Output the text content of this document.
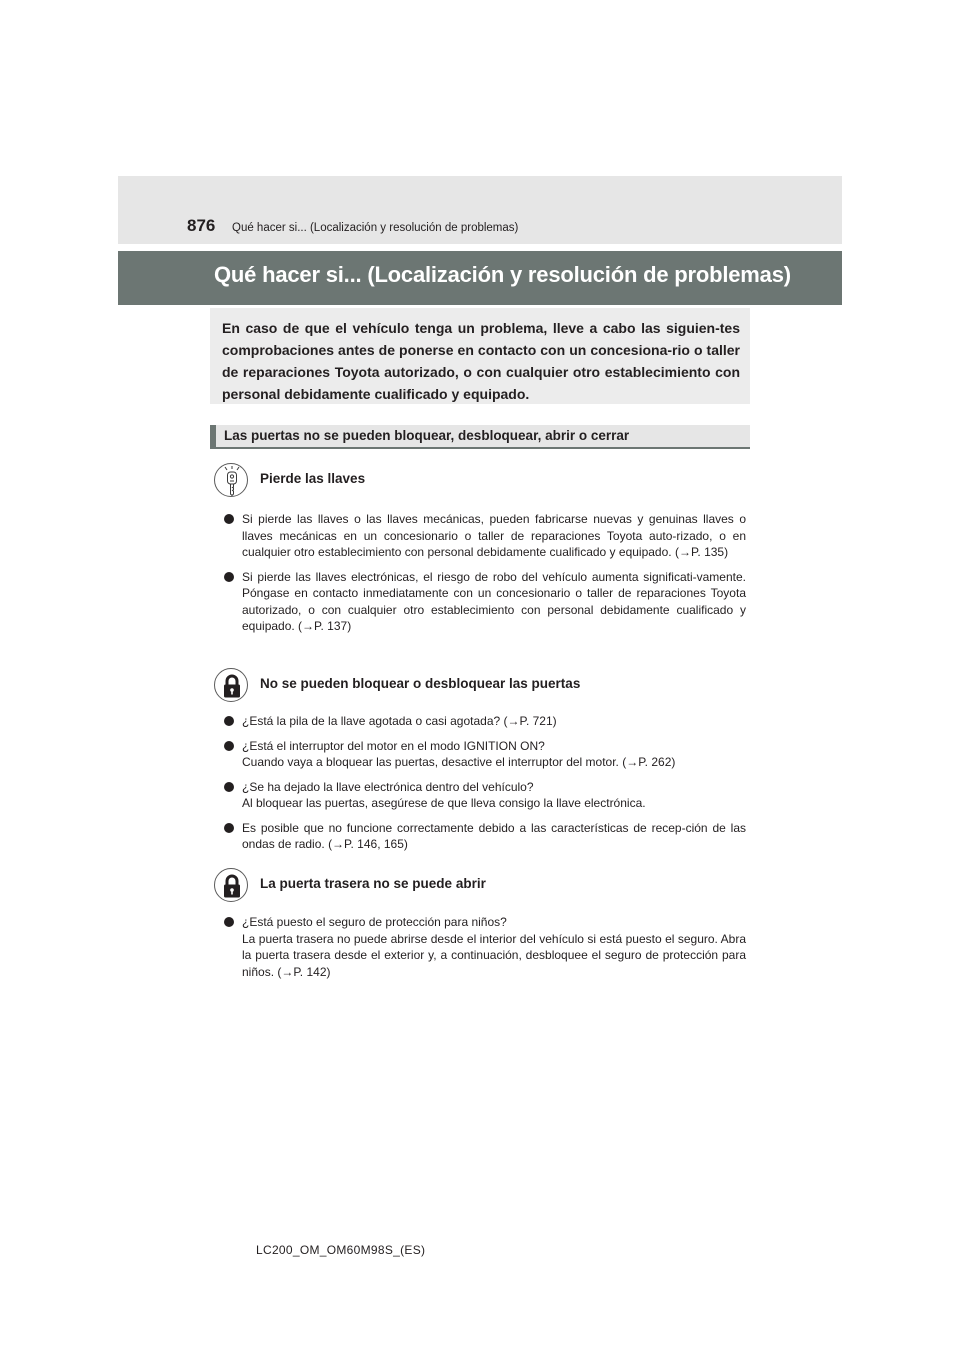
876 Qué hacer si... (Localización y resolución de problemas)
Qué hacer si... (Localización y resolución de problemas)
En caso de que el vehículo tenga un problema, lleve a cabo las siguien-tes comprobaciones antes de ponerse en contacto con un concesiona-rio o taller de reparaciones Toyota autorizado, o con cualquier otro establecimiento con personal debidamente cualificado y equipado.
Las puertas no se pueden bloquear, desbloquear, abrir o cerrar
Pierde las llaves
Si pierde las llaves o las llaves mecánicas, pueden fabricarse nuevas y genuinas llaves o llaves mecánicas en un concesionario o taller de reparaciones Toyota auto-rizado, o en cualquier otro establecimiento con personal debidamente cualificado y equipado. (→P. 135)
Si pierde las llaves electrónicas, el riesgo de robo del vehículo aumenta significati-vamente. Póngase en contacto inmediatamente con un concesionario o taller de reparaciones Toyota autorizado, o con cualquier otro establecimiento con personal debidamente cualificado y equipado. (→P. 137)
No se pueden bloquear o desbloquear las puertas
¿Está la pila de la llave agotada o casi agotada? (→P. 721)
¿Está el interruptor del motor en el modo IGNITION ON?
Cuando vaya a bloquear las puertas, desactive el interruptor del motor. (→P. 262)
¿Se ha dejado la llave electrónica dentro del vehículo?
Al bloquear las puertas, asegúrese de que lleva consigo la llave electrónica.
Es posible que no funcione correctamente debido a las características de recep-ción de las ondas de radio. (→P. 146, 165)
La puerta trasera no se puede abrir
¿Está puesto el seguro de protección para niños?
La puerta trasera no puede abrirse desde el interior del vehículo si está puesto el seguro. Abra la puerta trasera desde el exterior y, a continuación, desbloquee el seguro de protección para niños. (→P. 142)
LC200_OM_OM60M98S_(ES)
